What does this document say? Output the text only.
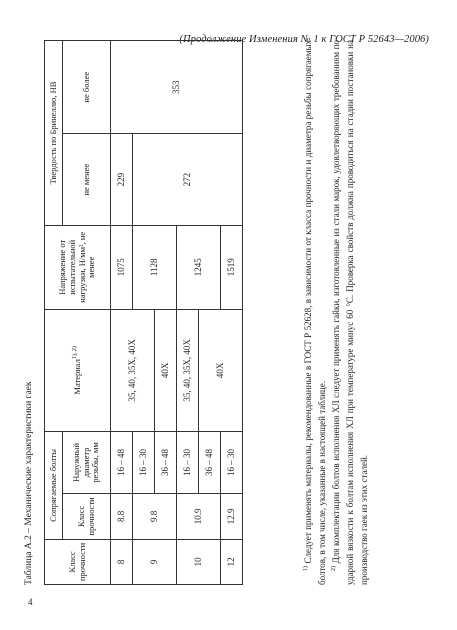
(Продолжение Изменения № 1 к ГОСТ Р 52643—2006)
4
Таблица А.2 – Механические характеристики гаек	Класс прочности	Сопрягаемые болты		Материал$^{1), 2)}$	Напряжение от испытательной нагрузки, Н/мм², не менее	Твердость по Бринеллю, НВ	
	Класс прочности	Наружный диаметр резьбы, мм			не менее	не более
8	8.8	16 – 48	35, 40, 35Х, 40Х	1075	229	353
9	9.8	16 – 30		1128	272	
		36 – 48	40Х			
10	10.9	16 – 30	35, 40, 35Х, 40Х	1245		
		36 – 48	40Х			
12	12.9	16 – 30		1519		

$^{1)}$ Следует применять материалы, рекомендованные в ГОСТ Р 52628, в зависимости от класса прочности и диаметра резьбы сопрягаемых болтов, в том числе, указанные в настоящей таблице. $^{2)}$ Для комплектации болтов исполнения ХЛ следует применять гайки, изготовленные из стали марок, удовлетворяющих требованиям по ударной вязкости к болтам исполнения ХЛ при температуре минус 60 °С. Проверка свойств должна проводиться на стадии постановки на производство гаек из этих сталей.
